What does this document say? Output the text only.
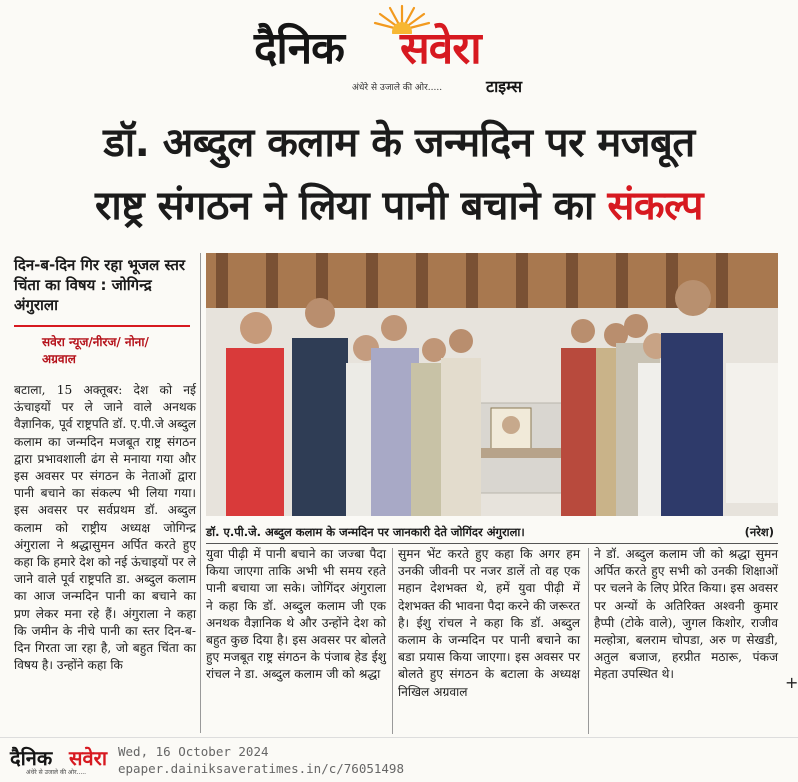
दैनिक सवेरा
अंधेरे से उजाले की ओर.....	टाइम्स
डॉ. अब्दुल कलाम के जन्मदिन पर मजबूत
राष्ट्र संगठन ने लिया पानी बचाने का संकल्प
दिन-ब-दिन गिर रहा भूजल स्तर चिंता का विषय : जोगिन्द्र अंगुराला
सवेरा न्यूज/नीरज/ नोना/अग्रवाल
बटाला, 15 अक्तूबर: देश को नई ऊंचाइयों पर ले जाने वाले अनथक वैज्ञानिक, पूर्व राष्ट्रपति डॉ. ए.पी.जे अब्दुल कलाम का जन्मदिन मजबूत राष्ट्र संगठन द्वारा प्रभावशाली ढंग से मनाया गया और इस अवसर पर संगठन के नेताओं द्वारा पानी बचाने का संकल्प भी लिया गया। इस अवसर पर सर्वप्रथम डॉ. अब्दुल कलाम को राष्ट्रीय अध्यक्ष जोगिन्द्र अंगुराला ने श्रद्धासुमन अर्पित करते हुए कहा कि हमारे देश को नई ऊंचाइयों पर ले जाने वाले पूर्व राष्ट्रपति डा. अब्दुल कलाम का आज जन्मदिन पानी का बचाने का प्रण लेकर मना रहे हैं। अंगुराला ने कहा कि जमीन के नीचे पानी का स्तर दिन-ब-दिन गिरता जा रहा है, जो बहुत चिंता का विषय है। उन्होंने कहा कि
डॉ. ए.पी.जे. अब्दुल कलाम के जन्मदिन पर जानकारी देते जोगिंदर अंगुराला।	(नरेश)
युवा पीढ़ी में पानी बचाने का जज्बा पैदा किया जाएगा ताकि अभी भी समय रहते पानी बचाया जा सके। जोगिंदर अंगुराला ने कहा कि डॉ. अब्दुल कलाम जी एक अनथक वैज्ञानिक थे और उन्होंने देश को बहुत कुछ दिया है। इस अवसर पर बोलते हुए मजबूत राष्ट्र संगठन के पंजाब हेड ईशु रांचल ने डा. अब्दुल कलाम जी को श्रद्धा
सुमन भेंट करते हुए कहा कि अगर हम उनकी जीवनी पर नजर डालें तो वह एक महान देशभक्त थे, हमें युवा पीढ़ी में देशभक्त की भावना पैदा करने की जरूरत है। ईशु रांचल ने कहा कि डॉ. अब्दुल कलाम के जन्मदिन पर पानी बचाने का बडा प्रयास किया जाएगा। इस अवसर पर बोलते हुए संगठन के बटाला के अध्यक्ष निखिल अग्रवाल
ने डॉ. अब्दुल कलाम जी को श्रद्धा सुमन अर्पित करते हुए सभी को उनकी शिक्षाओं पर चलने के लिए प्रेरित किया। इस अवसर पर अन्यों के अतिरिक्त अश्वनी कुमार हैप्पी (टोके वाले), जुगल किशोर, राजीव मल्होत्रा, बलराम चोपडा, अरु ण सेखडी, अतुल बजाज, हरप्रीत मठारू, पंकज मेहता उपस्थित थे।	+
दैनिक सवेरा
अंधेरे से उजाले की ओर.....
Wed, 16 October 2024
epaper.dainiksaveratimes.in/c/76051498
